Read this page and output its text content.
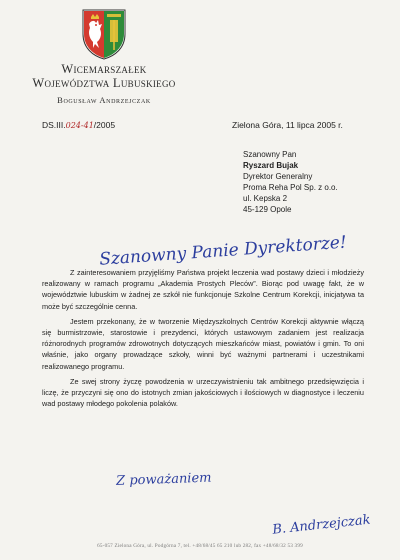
Wicemarszałek
Województwa Lubuskiego
Bogusław Andrzejczak
DS.III.024-41/2005	Zielona Góra, 11 lipca 2005 r.
Szanowny Pan
Ryszard Bujak
Dyrektor Generalny
Proma Reha Pol Sp. z o.o.
ul. Kepska 2
45-129 Opole
Szanowny Panie Dyrektorze!

Z zainteresowaniem przyjęliśmy Państwa projekt leczenia wad postawy dzieci i młodzieży realizowany w ramach programu „Akademia Prostych Pleców”. Biorąc pod uwagę fakt, że w województwie lubuskim w żadnej ze szkół nie funkcjonuje Szkolne Centrum Korekcji, inicjatywa ta może być szczególnie cenna.

Jestem przekonany, że w tworzenie Międzyszkolnych Centrów Korekcji aktywnie włączą się burmistrzowie, starostowie i prezydenci, których ustawowym zadaniem jest realizacja różnorodnych programów zdrowotnych dotyczących mieszkańców miast, powiatów i gmin. To oni właśnie, jako organy prowadzące szkoły, winni być ważnymi partnerami i uczestnikami realizowanego programu.

Ze swej strony życzę powodzenia w urzeczywistnieniu tak ambitnego przedsięwzięcia i liczę, że przyczyni się ono do istotnych zmian jakościowych i ilościowych w diagnostyce i leczeniu wad postawy młodego pokolenia polaków.

Z poważaniem
B. Andrzejczak
65-057 Zielona Góra, ul. Podgórna 7, tel. +48/68/45 65 210 lub 282, fax +48/68/32 53 399
